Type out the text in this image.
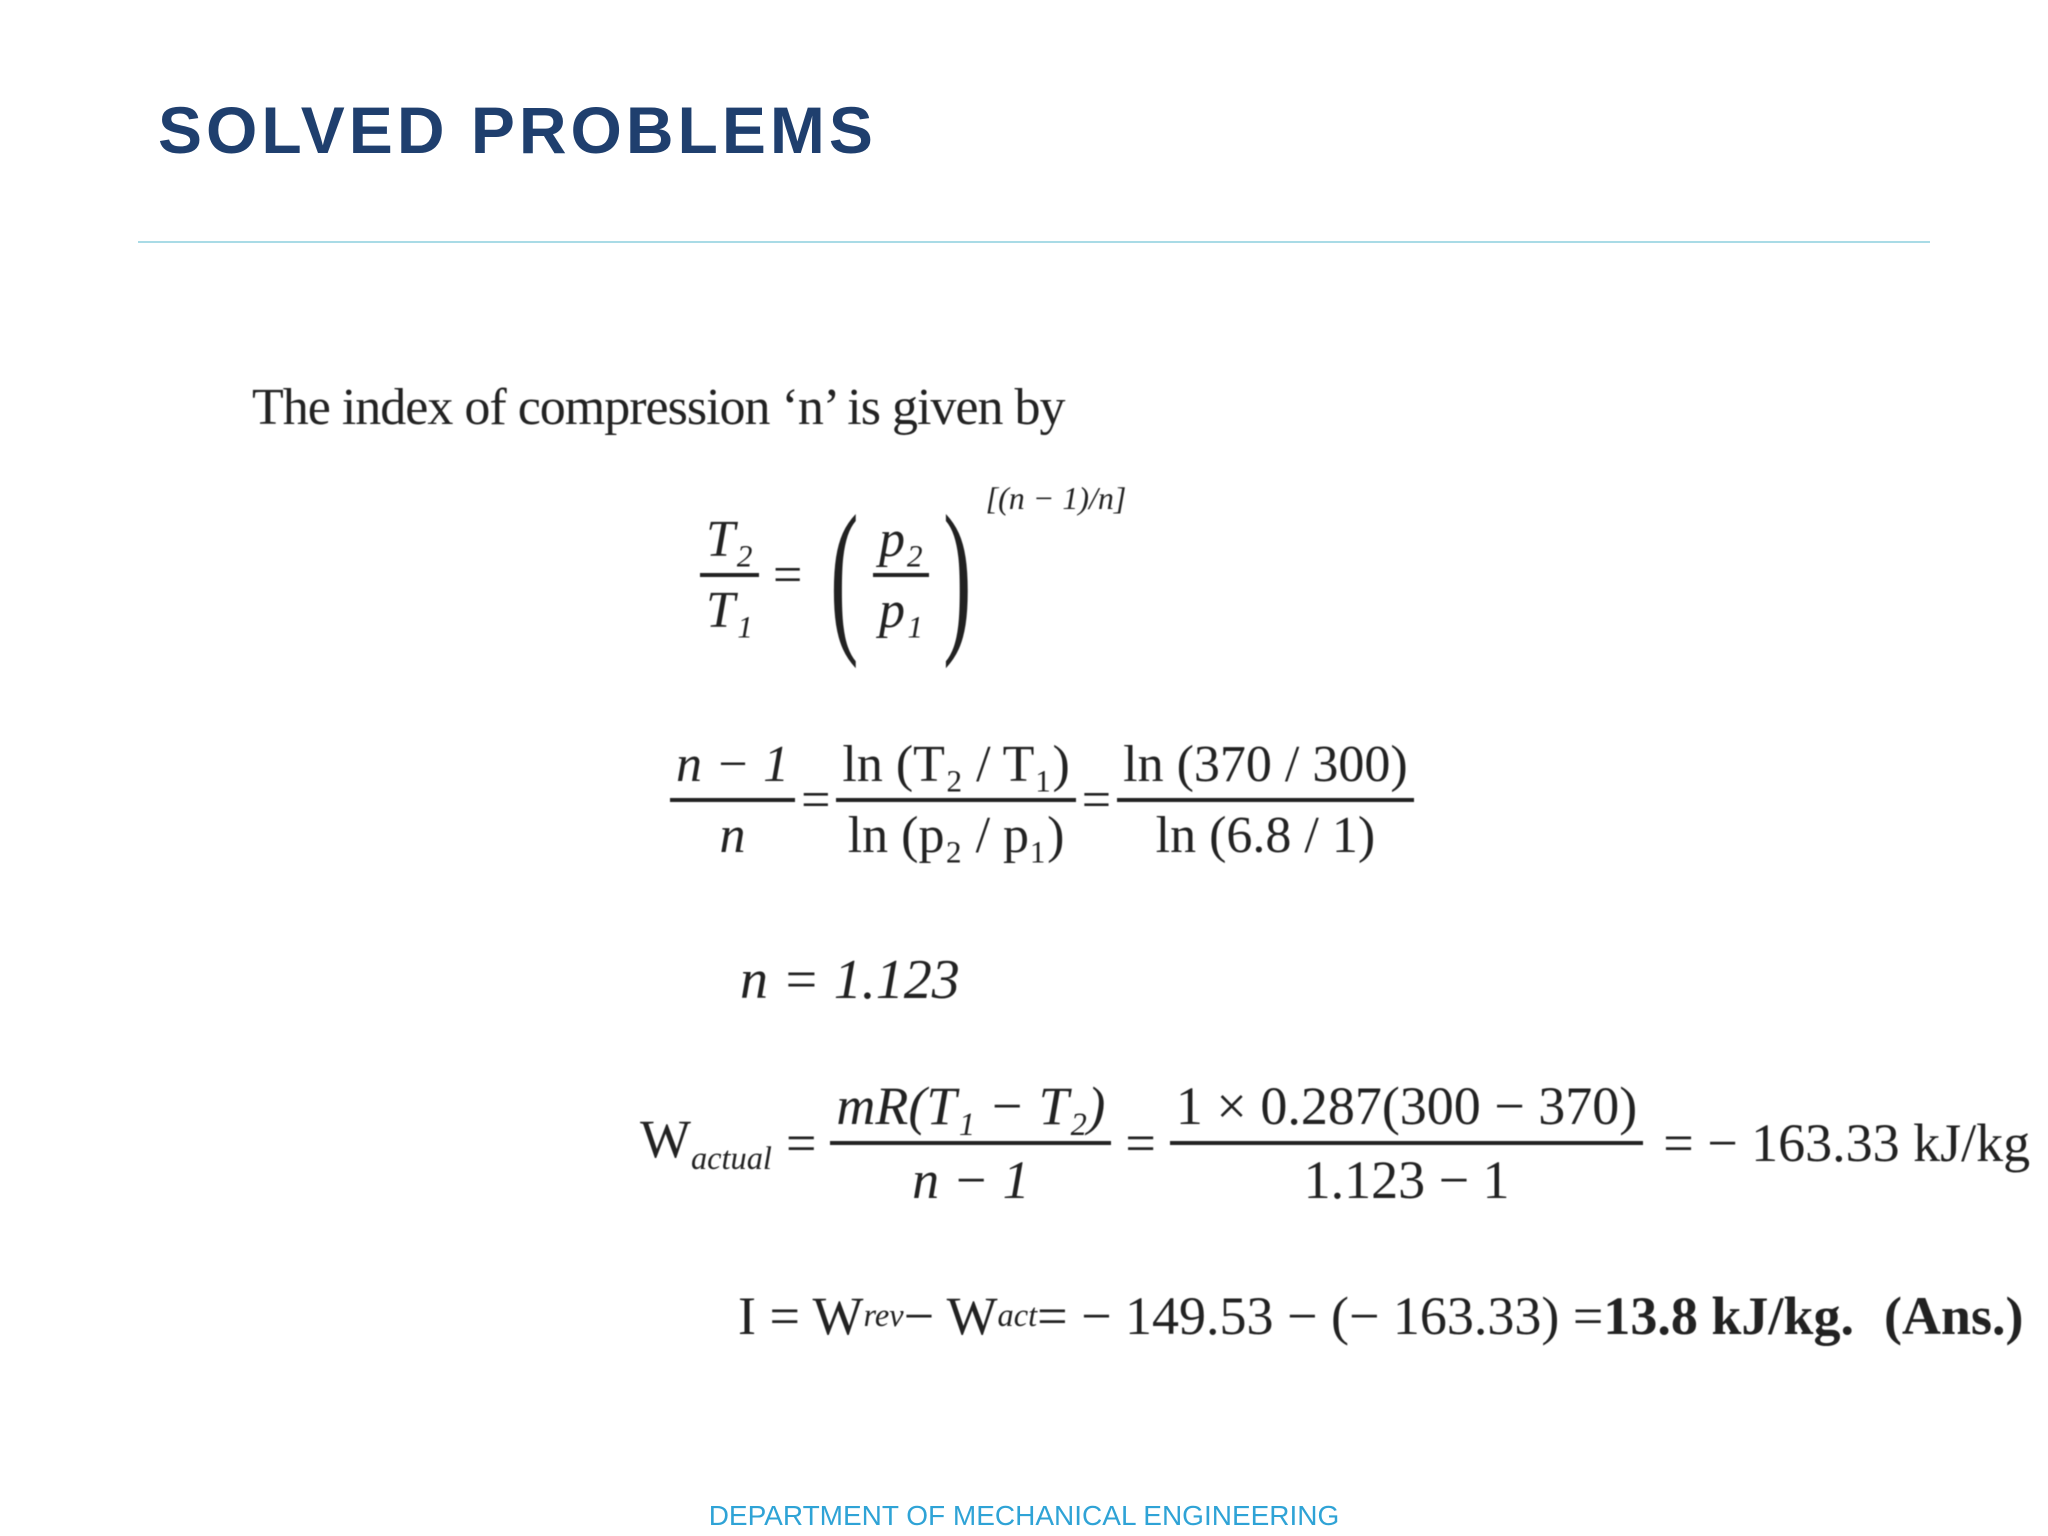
SOLVED PROBLEMS
The index of compression ‘n’ is given by
$\frac{\text{T₂}}{\text{T₁}}$ = ( $\frac{\text{p₂}}{\text{p₁}}$ ) [(n − 1)/n]
$\frac{n - 1}{n} = \frac{\text{ln (T₂ / T₁)}}{\text{ln (p₂ / p₁)}} = \frac{\ln (370 / 300)}{\ln (6.8 / 1)}$
n = 1.123
$W_{actual} = \frac{\text{mR(T₁ − T₂)}}{n - 1} = \frac{1 \times 0.287(300 - 370)}{1.123 - 1}$ = − 163.33 kJ/kg
I = W rev − W act = − 149.53 − (− 163.33) = 13.8 kJ/kg. (Ans.)
DEPARTMENT OF MECHANICAL ENGINEERING
